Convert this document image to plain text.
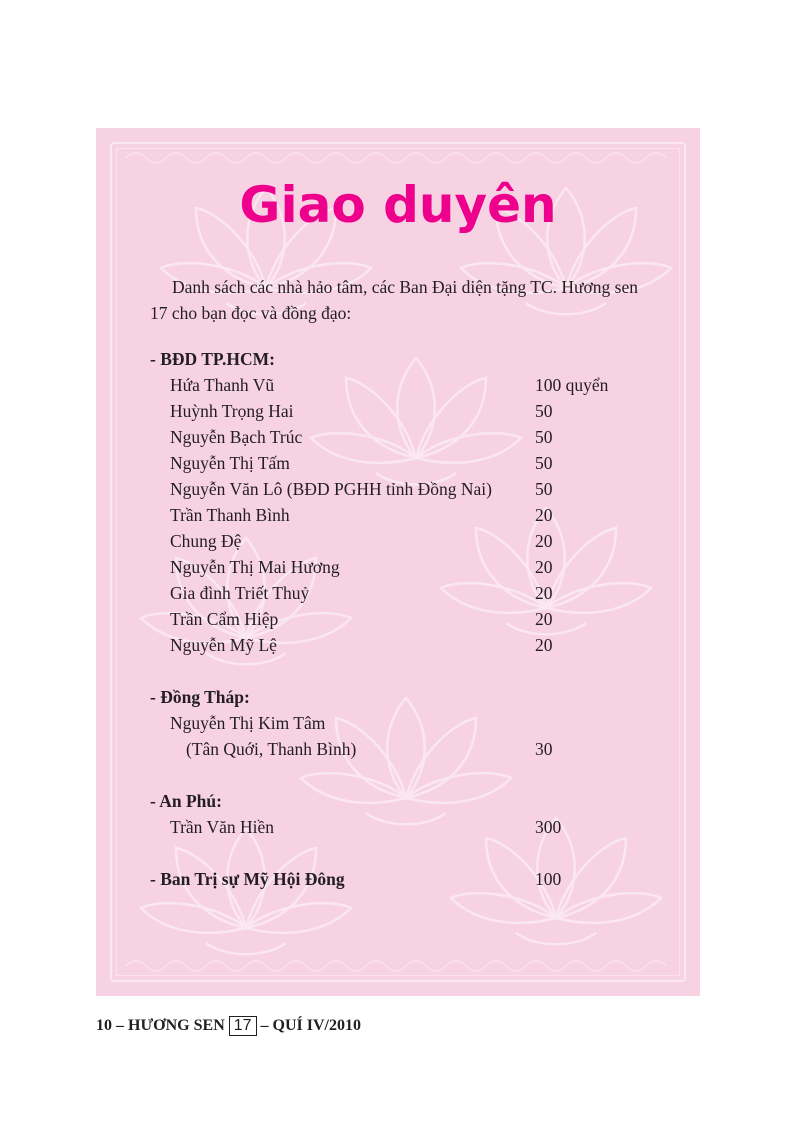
Giao duyên

Danh sách các nhà hảo tâm, các Ban Đại diện tặng TC. Hương sen 17 cho bạn đọc và đồng đạo:

- BĐD TP.HCM:
Hứa Thanh Vũ	100 quyển
Huỳnh Trọng Hai	50
Nguyễn Bạch Trúc	50
Nguyễn Thị Tấm	50
Nguyễn Văn Lô (BĐD PGHH tỉnh Đồng Nai) 50
Trần Thanh Bình	20
Chung Đệ	20
Nguyễn Thị Mai Hương	20
Gia đình Triết Thuỷ	20
Trần Cẩm Hiệp	20
Nguyễn Mỹ Lệ	20
- Đồng Tháp:
Nguyễn Thị Kim Tâm
(Tân Quới, Thanh Bình)	30
- An Phú:
Trần Văn Hiền	300
- Ban Trị sự Mỹ Hội Đông	100
10 – HƯƠNG SEN 17 – QUÍ IV/2010
